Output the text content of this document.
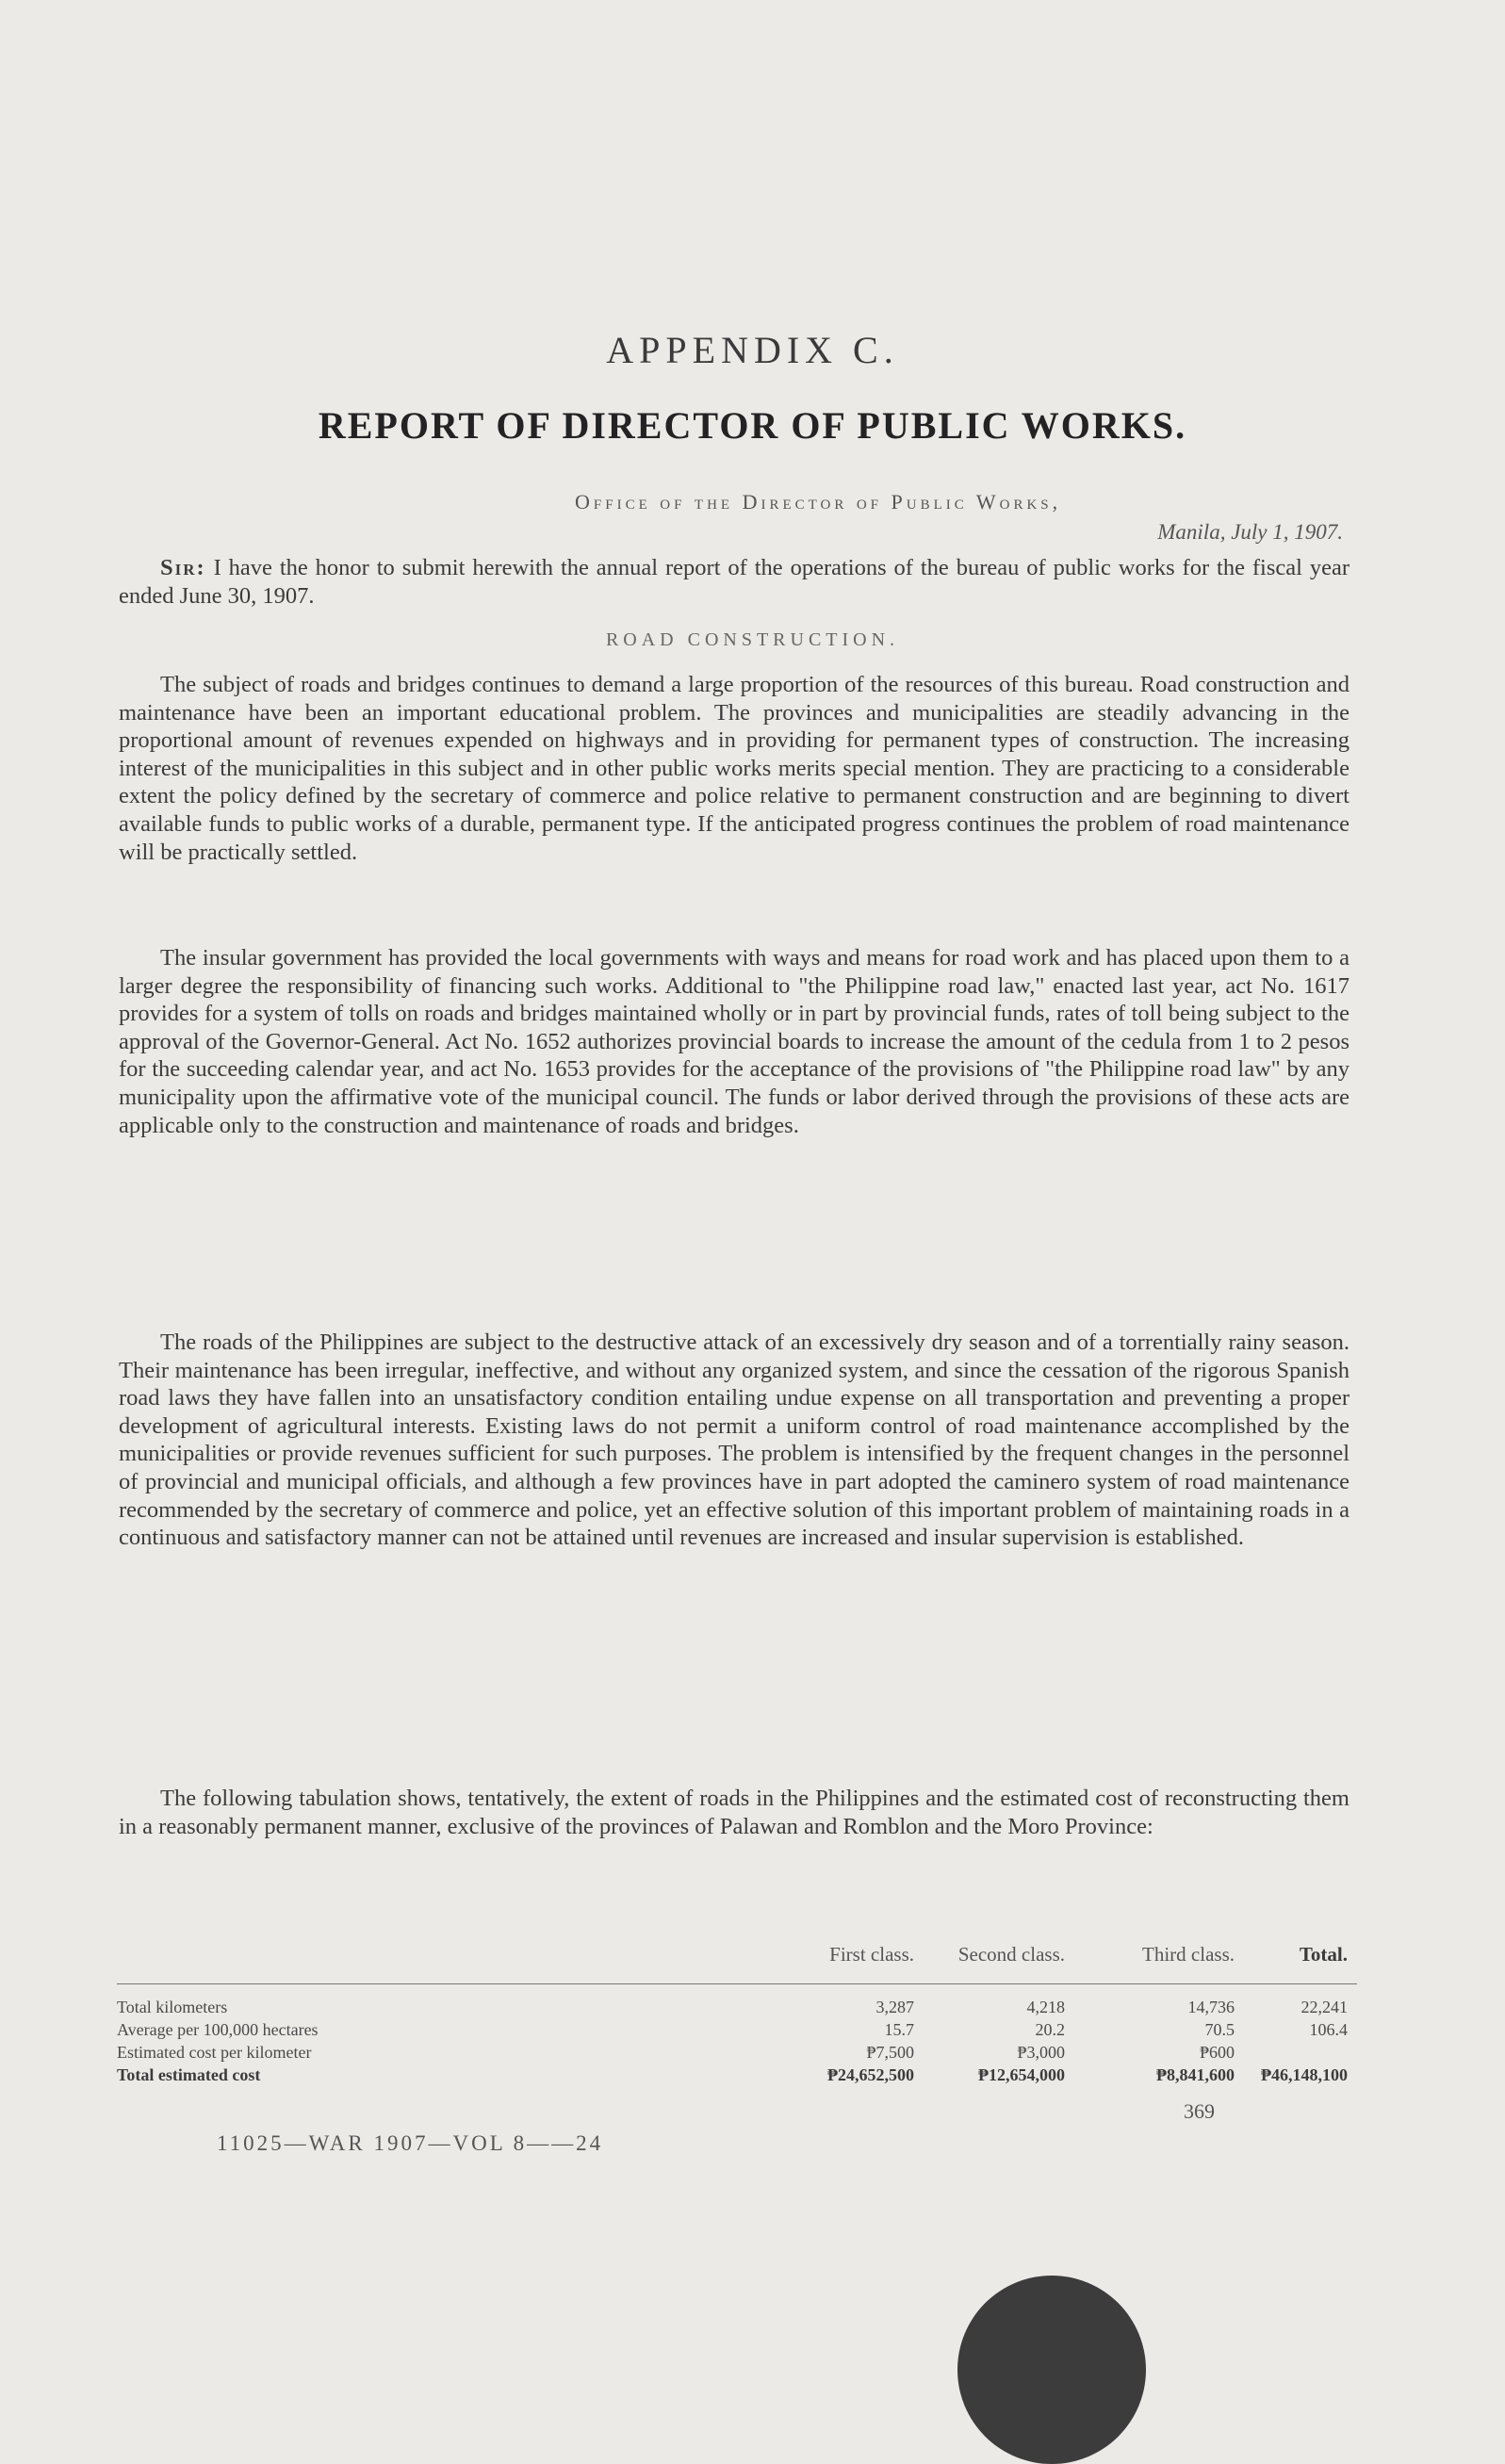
APPENDIX C.
REPORT OF DIRECTOR OF PUBLIC WORKS.
Office of the Director of Public Works,
Manila, July 1, 1907.
Sir: I have the honor to submit herewith the annual report of the operations of the bureau of public works for the fiscal year ended June 30, 1907.
ROAD CONSTRUCTION.

The subject of roads and bridges continues to demand a large proportion of the resources of this bureau. Road construction and maintenance have been an important educational problem. The provinces and municipalities are steadily advancing in the proportional amount of revenues expended on highways and in providing for permanent types of construction. The increasing interest of the municipalities in this subject and in other public works merits special mention. They are practicing to a considerable extent the policy defined by the secretary of commerce and police relative to permanent construction and are beginning to divert available funds to public works of a durable, permanent type. If the anticipated progress continues the problem of road maintenance will be practically settled.

The insular government has provided the local governments with ways and means for road work and has placed upon them to a larger degree the responsibility of financing such works. Additional to "the Philippine road law," enacted last year, act No. 1617 provides for a system of tolls on roads and bridges maintained wholly or in part by provincial funds, rates of toll being subject to the approval of the Governor-General. Act No. 1652 authorizes provincial boards to increase the amount of the cedula from 1 to 2 pesos for the succeeding calendar year, and act No. 1653 provides for the acceptance of the provisions of "the Philippine road law" by any municipality upon the affirmative vote of the municipal council. The funds or labor derived through the provisions of these acts are applicable only to the construction and maintenance of roads and bridges.

The roads of the Philippines are subject to the destructive attack of an excessively dry season and of a torrentially rainy season. Their maintenance has been irregular, ineffective, and without any organized system, and since the cessation of the rigorous Spanish road laws they have fallen into an unsatisfactory condition entailing undue expense on all transportation and preventing a proper development of agricultural interests. Existing laws do not permit a uniform control of road maintenance accomplished by the municipalities or provide revenues sufficient for such purposes. The problem is intensified by the frequent changes in the personnel of provincial and municipal officials, and although a few provinces have in part adopted the caminero system of road maintenance recommended by the secretary of commerce and police, yet an effective solution of this important problem of maintaining roads in a continuous and satisfactory manner can not be attained until revenues are increased and insular supervision is established.

The following tabulation shows, tentatively, the extent of roads in the Philippines and the estimated cost of reconstructing them in a reasonably permanent manner, exclusive of the provinces of Palawan and Romblon and the Moro Province:

	First class.	Second class.	Third class.	Total.
Total kilometers	3,287	4,218	14,736	22,241
Average per 100,000 hectares	15.7	20.2	70.5	106.4
Estimated cost per kilometer	₱7,500	₱3,000	₱600	
Total estimated cost	₱24,652,500	₱12,654,000	₱8,841,600	₱46,148,100
369
11025—WAR 1907—VOL 8——24
